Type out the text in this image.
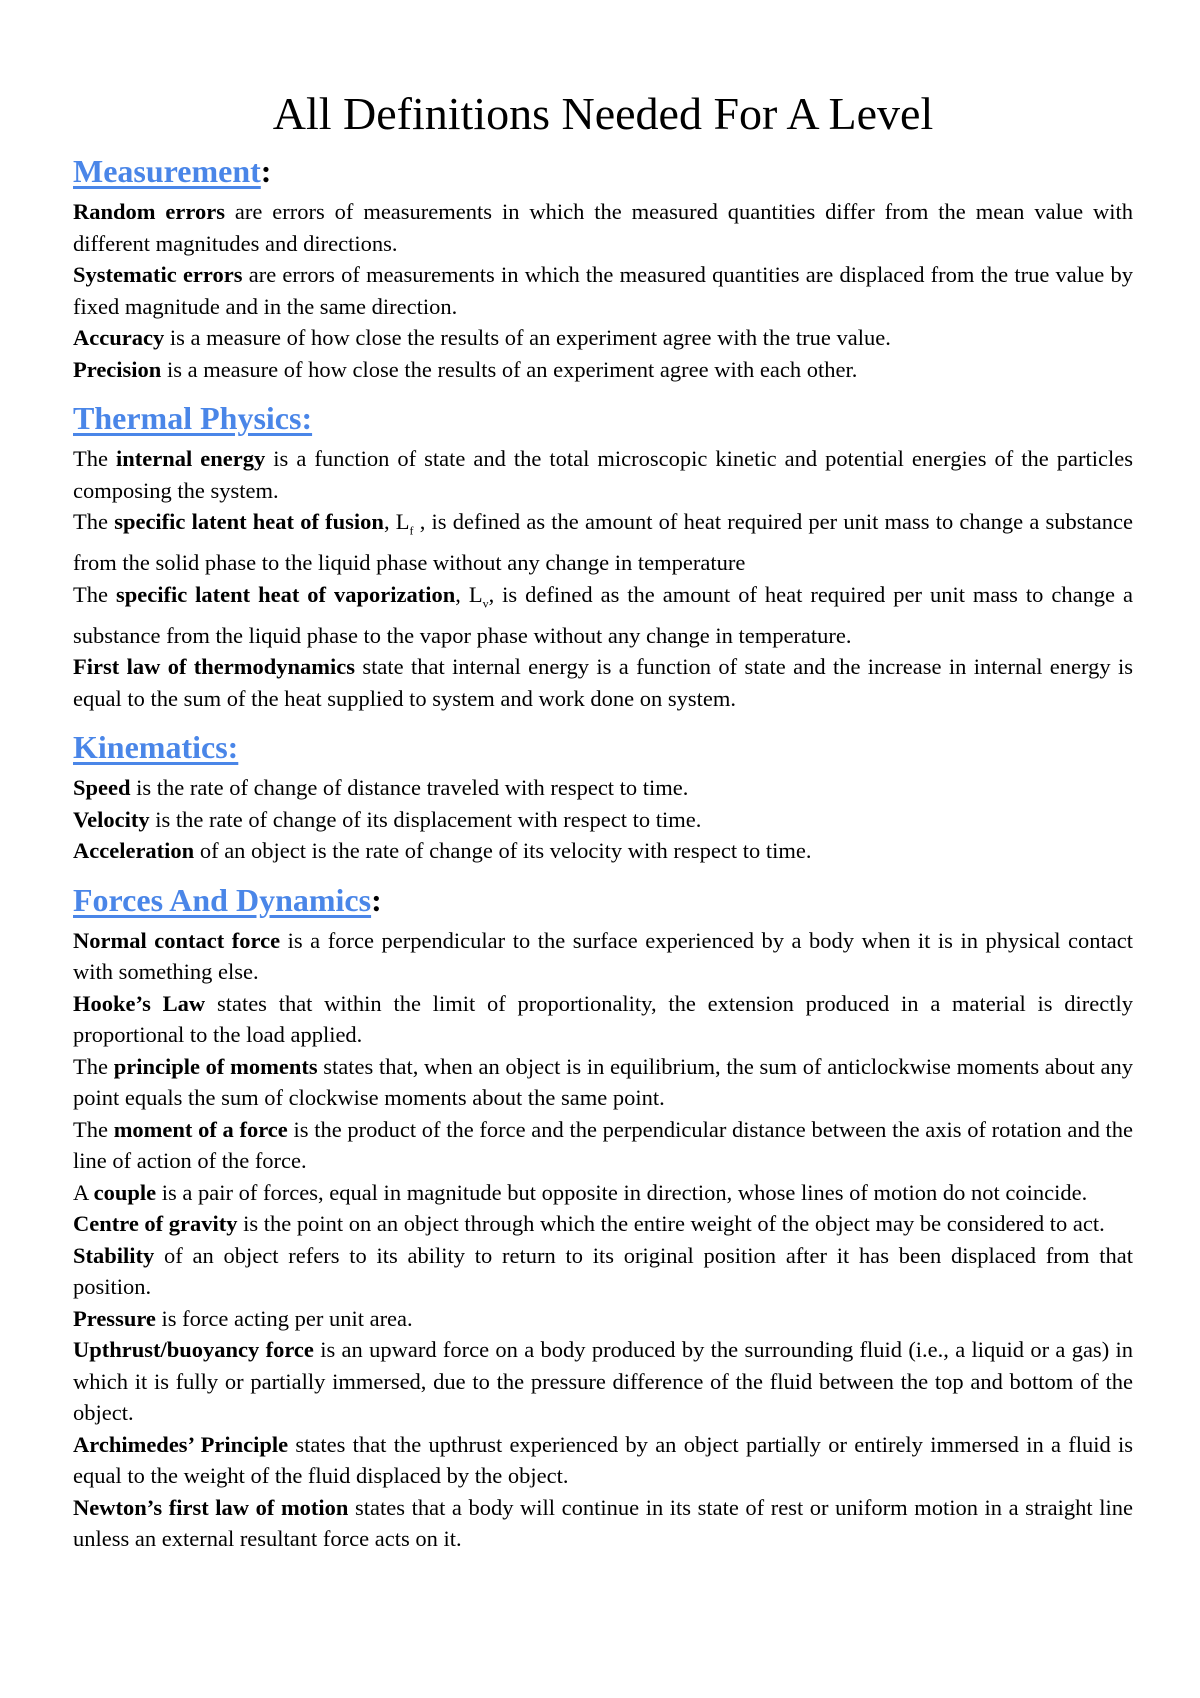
All Definitions Needed For A Level
Measurement:

Random errors are errors of measurements in which the measured quantities differ from the mean value with different magnitudes and directions.

Systematic errors are errors of measurements in which the measured quantities are displaced from the true value by fixed magnitude and in the same direction.

Accuracy is a measure of how close the results of an experiment agree with the true value.

Precision is a measure of how close the results of an experiment agree with each other.

Thermal Physics:

The internal energy is a function of state and the total microscopic kinetic and potential energies of the particles composing the system.

The specific latent heat of fusion, $L_f$ , is defined as the amount of heat required per unit mass to change a substance from the solid phase to the liquid phase without any change in temperature

The specific latent heat of vaporization, $L_v$, is defined as the amount of heat required per unit mass to change a substance from the liquid phase to the vapor phase without any change in temperature.

First law of thermodynamics state that internal energy is a function of state and the increase in internal energy is equal to the sum of the heat supplied to system and work done on system.

Kinematics:

Speed is the rate of change of distance traveled with respect to time.

Velocity is the rate of change of its displacement with respect to time.

Acceleration of an object is the rate of change of its velocity with respect to time.

Forces And Dynamics:

Normal contact force is a force perpendicular to the surface experienced by a body when it is in physical contact with something else.

Hooke’s Law states that within the limit of proportionality, the extension produced in a material is directly proportional to the load applied.

The principle of moments states that, when an object is in equilibrium, the sum of anticlockwise moments about any point equals the sum of clockwise moments about the same point.

The moment of a force is the product of the force and the perpendicular distance between the axis of rotation and the line of action of the force.

A couple is a pair of forces, equal in magnitude but opposite in direction, whose lines of motion do not coincide.

Centre of gravity is the point on an object through which the entire weight of the object may be considered to act.

Stability of an object refers to its ability to return to its original position after it has been displaced from that position.

Pressure is force acting per unit area.

Upthrust/buoyancy force is an upward force on a body produced by the surrounding fluid (i.e., a liquid or a gas) in which it is fully or partially immersed, due to the pressure difference of the fluid between the top and bottom of the object.

Archimedes’ Principle states that the upthrust experienced by an object partially or entirely immersed in a fluid is equal to the weight of the fluid displaced by the object.

Newton’s first law of motion states that a body will continue in its state of rest or uniform motion in a straight line unless an external resultant force acts on it.
